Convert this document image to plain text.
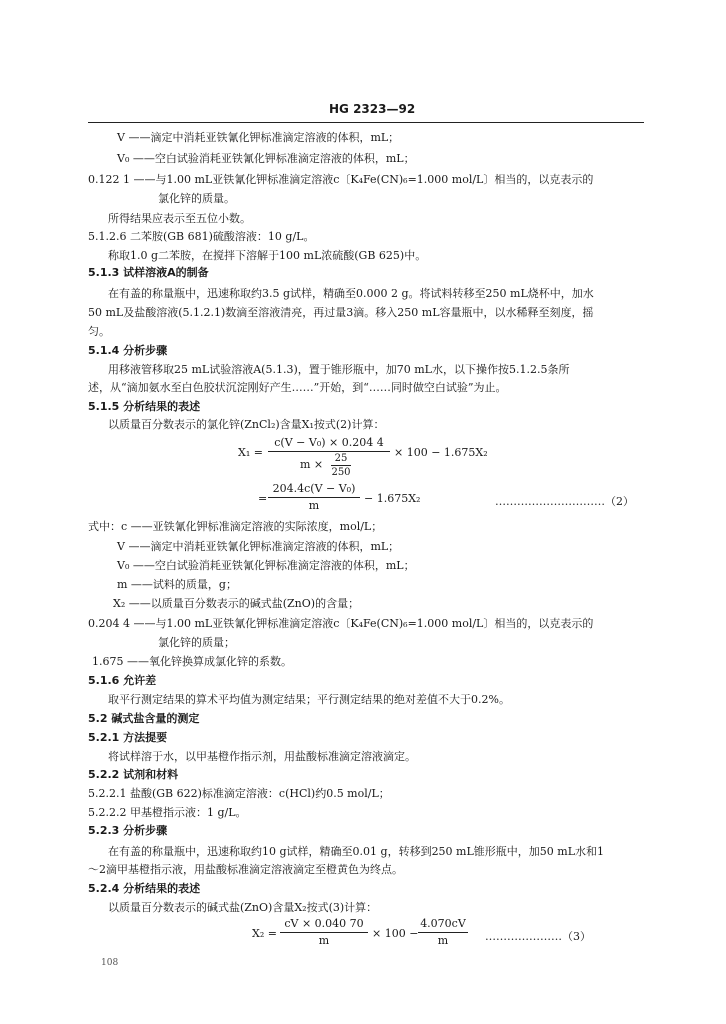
HG 2323—92
V ——滴定中消耗亚铁氰化钾标准滴定溶液的体积，mL；
V₀ ——空白试验消耗亚铁氰化钾标准滴定溶液的体积，mL；
0.122 1 ——与1.00 mL亚铁氰化钾标准滴定溶液c〔K₄Fe(CN)₆=1.000 mol/L〕相当的，以克表示的
氯化锌的质量。
所得结果应表示至五位小数。
5.1.2.6 二苯胺(GB 681)硫酸溶液：10 g/L。
称取1.0 g二苯胺，在搅拌下溶解于100 mL浓硫酸(GB 625)中。
5.1.3 试样溶液A的制备
在有盖的称量瓶中，迅速称取约3.5 g试样，精确至0.000 2 g。将试料转移至250 mL烧杯中，加水
50 mL及盐酸溶液(5.1.2.1)数滴至溶液清亮，再过量3滴。移入250 mL容量瓶中，以水稀释至刻度，摇
匀。
5.1.4 分析步骤
用移液管移取25 mL试验溶液A(5.1.3)，置于锥形瓶中，加70 mL水，以下操作按5.1.2.5条所
述，从“滴加氨水至白色胶状沉淀刚好产生……”开始，到“……同时做空白试验”为止。
5.1.5 分析结果的表述
以质量百分数表示的氯化锌(ZnCl₂)含量X₁按式(2)计算：
X₁ =
c(V − V₀) × 0.204 4
m ×	25
250
× 100 − 1.675X₂
=
204.4c(V − V₀)
m
− 1.675X₂	…………………………（2）
式中：c ——亚铁氰化钾标准滴定溶液的实际浓度，mol/L；
V ——滴定中消耗亚铁氰化钾标准滴定溶液的体积，mL；
V₀ ——空白试验消耗亚铁氰化钾标准滴定溶液的体积，mL；
m ——试料的质量，g；
X₂ ——以质量百分数表示的碱式盐(ZnO)的含量；
0.204 4 ——与1.00 mL亚铁氰化钾标准滴定溶液c〔K₄Fe(CN)₆=1.000 mol/L〕相当的，以克表示的
氯化锌的质量；
1.675 ——氧化锌换算成氯化锌的系数。
5.1.6 允许差
取平行测定结果的算术平均值为测定结果；平行测定结果的绝对差值不大于0.2%。
5.2 碱式盐含量的测定
5.2.1 方法提要
将试样溶于水，以甲基橙作指示剂，用盐酸标准滴定溶液滴定。
5.2.2 试剂和材料
5.2.2.1 盐酸(GB 622)标准滴定溶液：c(HCl)约0.5 mol/L；
5.2.2.2 甲基橙指示液：1 g/L。
5.2.3 分析步骤
在有盖的称量瓶中，迅速称取约10 g试样，精确至0.01 g，转移到250 mL锥形瓶中，加50 mL水和1
～2滴甲基橙指示液，用盐酸标准滴定溶液滴定至橙黄色为终点。
5.2.4 分析结果的表述
以质量百分数表示的碱式盐(ZnO)含量X₂按式(3)计算：
X₂ =
cV × 0.040 70
m
× 100 −
4.070cV
m	…………………（3）
108
